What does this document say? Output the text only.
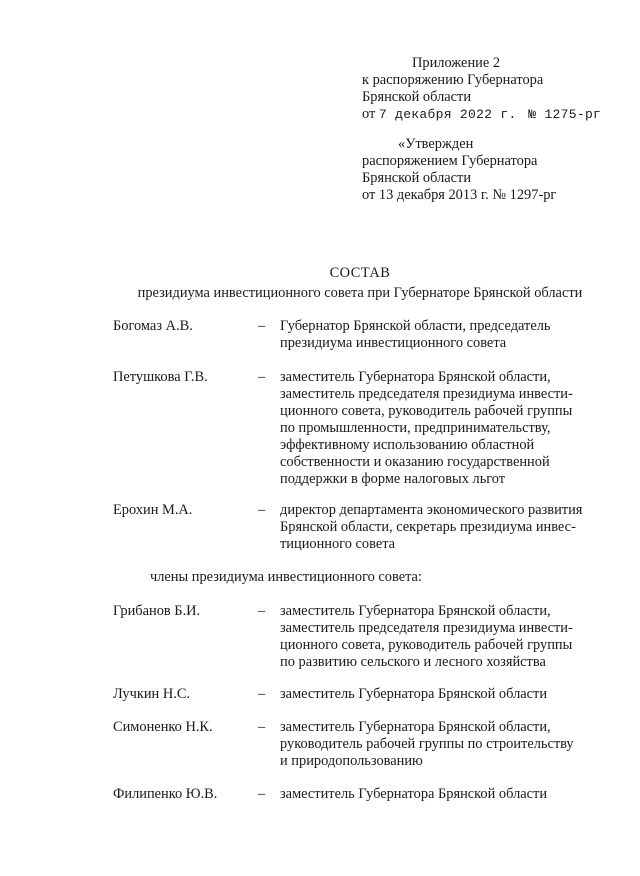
Приложение 2
к распоряжению Губернатора
Брянской области
от 7 декабря 2022 г. № 1275-рг
«Утвержден
распоряжением Губернатора
Брянской области
от 13 декабря 2013 г. № 1297-рг
СОСТАВ
президиума инвестиционного совета при Губернаторе Брянской области
Богомаз А.В.	– Губернатор Брянской области, председатель
президиума инвестиционного совета
Петушкова Г.В.	– заместитель Губернатора Брянской области,
заместитель председателя президиума инвести-
ционного совета, руководитель рабочей группы
по промышленности, предпринимательству,
эффективному использованию областной
собственности и оказанию государственной
поддержки в форме налоговых льгот
Ерохин М.А.	– директор департамента экономического развития
Брянской области, секретарь президиума инвес-
тиционного совета
члены президиума инвестиционного совета:
Грибанов Б.И.	– заместитель Губернатора Брянской области,
заместитель председателя президиума инвести-
ционного совета, руководитель рабочей группы
по развитию сельского и лесного хозяйства
Лучкин Н.С.	– заместитель Губернатора Брянской области
Симоненко Н.К.	– заместитель Губернатора Брянской области,
руководитель рабочей группы по строительству
и природопользованию
Филипенко Ю.В.	– заместитель Губернатора Брянской области
